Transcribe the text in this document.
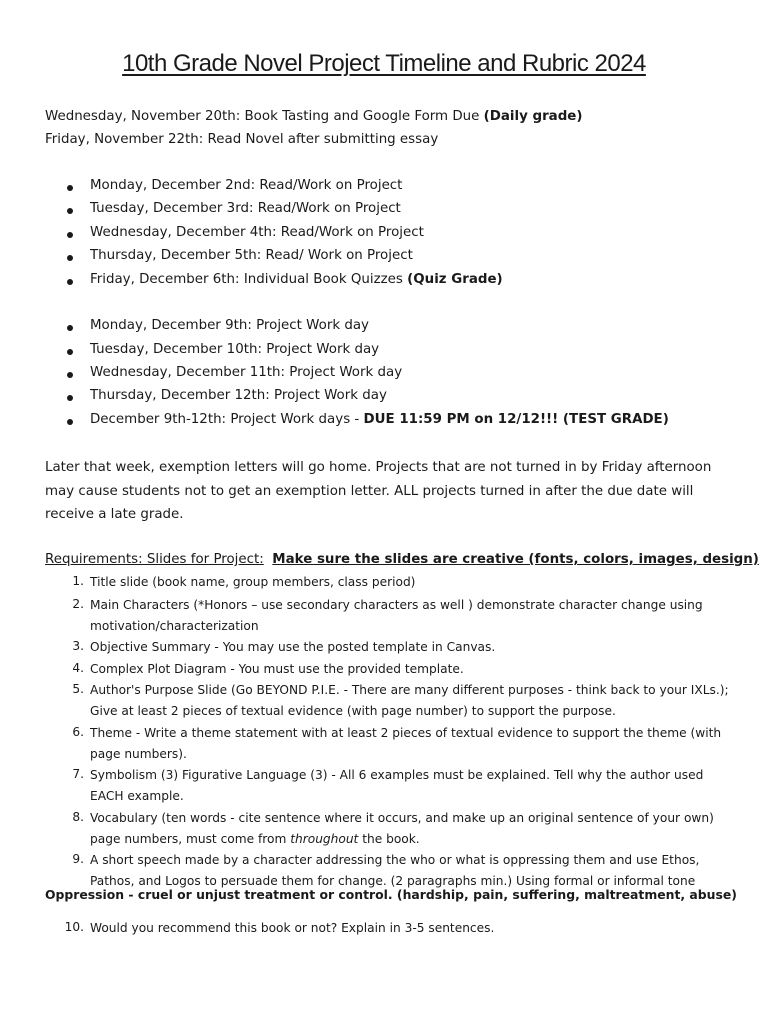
10th Grade Novel Project Timeline and Rubric 2024
Wednesday, November 20th: Book Tasting and Google Form Due (Daily grade)
Friday, November 22th: Read Novel after submitting essay
Monday, December 2nd: Read/Work on Project
Tuesday, December 3rd: Read/Work on Project
Wednesday, December 4th: Read/Work on Project
Thursday, December 5th: Read/ Work on Project
Friday, December 6th: Individual Book Quizzes (Quiz Grade)
Monday, December 9th: Project Work day
Tuesday, December 10th: Project Work day
Wednesday, December 11th: Project Work day
Thursday, December 12th: Project Work day
December 9th-12th: Project Work days - DUE 11:59 PM on 12/12!!! (TEST GRADE)
Later that week, exemption letters will go home. Projects that are not turned in by Friday afternoon may cause students not to get an exemption letter. ALL projects turned in after the due date will receive a late grade.
Requirements: Slides for Project: Make sure the slides are creative (fonts, colors, images, design)
1. Title slide (book name, group members, class period)
2. Main Characters (*Honors – use secondary characters as well ) demonstrate character change using motivation/characterization
3. Objective Summary - You may use the posted template in Canvas.
4. Complex Plot Diagram - You must use the provided template.
5. Author's Purpose Slide (Go BEYOND P.I.E. - There are many different purposes - think back to your IXLs.); Give at least 2 pieces of textual evidence (with page number) to support the purpose.
6. Theme - Write a theme statement with at least 2 pieces of textual evidence to support the theme (with page numbers).
7. Symbolism (3) Figurative Language (3) - All 6 examples must be explained. Tell why the author used EACH example.
8. Vocabulary (ten words - cite sentence where it occurs, and make up an original sentence of your own) page numbers, must come from throughout the book.
9. A short speech made by a character addressing the who or what is oppressing them and use Ethos, Pathos, and Logos to persuade them for change. (2 paragraphs min.) Using formal or informal tone
Oppression - cruel or unjust treatment or control. (hardship, pain, suffering, maltreatment, abuse)
10. Would you recommend this book or not? Explain in 3-5 sentences.
